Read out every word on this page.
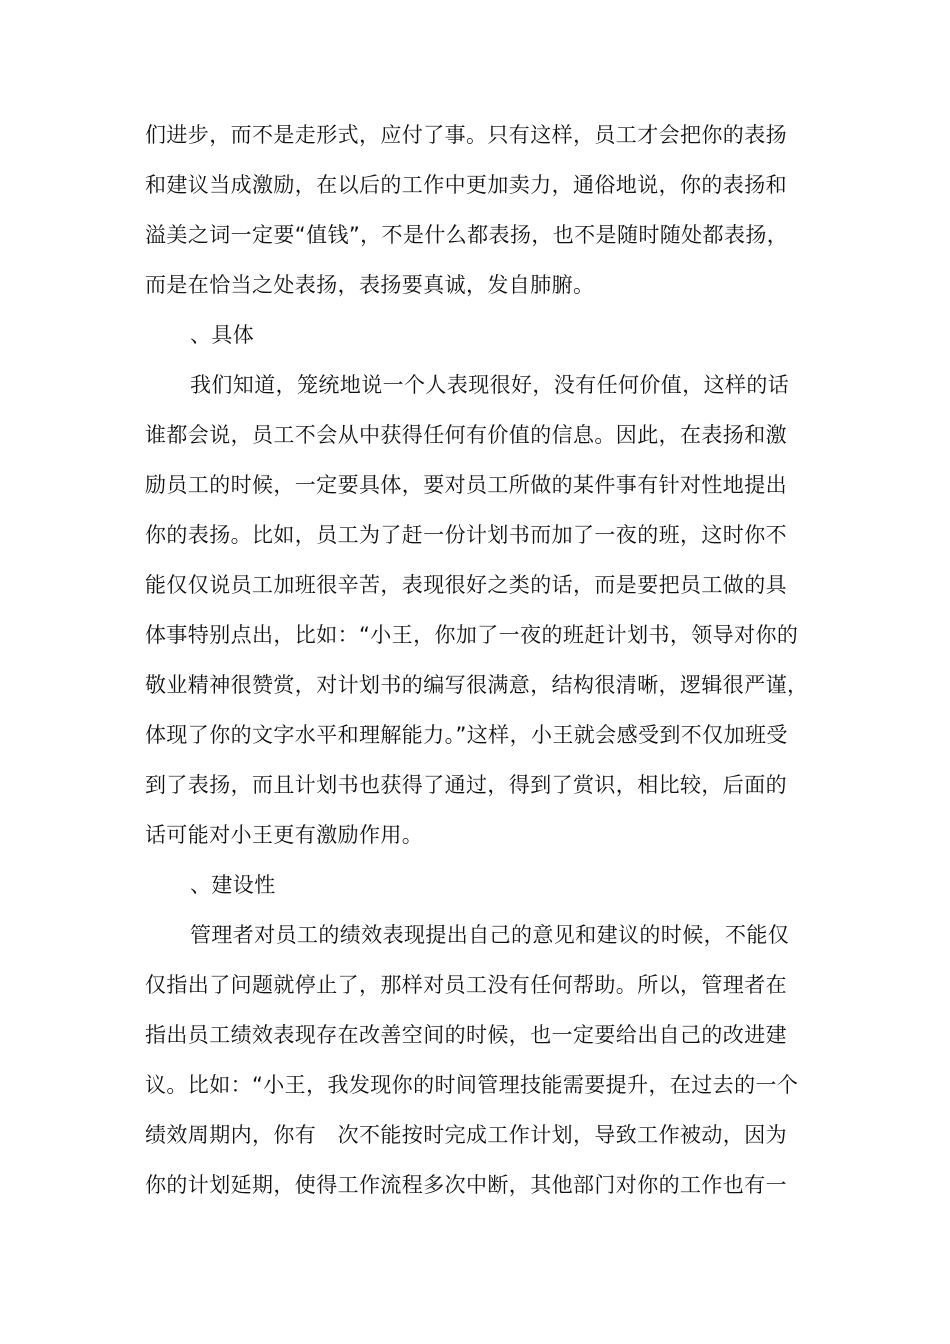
们进步，而不是走形式，应付了事。只有这样，员工才会把你的表扬
和建议当成激励，在以后的工作中更加卖力，通俗地说，你的表扬和
溢美之词一定要“值钱”，不是什么都表扬，也不是随时随处都表扬，
而是在恰当之处表扬，表扬要真诚，发自肺腑。
、具体
我们知道，笼统地说一个人表现很好，没有任何价值，这样的话
谁都会说，员工不会从中获得任何有价值的信息。因此，在表扬和激
励员工的时候，一定要具体，要对员工所做的某件事有针对性地提出
你的表扬。比如，员工为了赶一份计划书而加了一夜的班，这时你不
能仅仅说员工加班很辛苦，表现很好之类的话，而是要把员工做的具
体事特别点出，比如：“小王，你加了一夜的班赶计划书，领导对你的
敬业精神很赞赏，对计划书的编写很满意，结构很清晰，逻辑很严谨，
体现了你的文字水平和理解能力。”这样，小王就会感受到不仅加班受
到了表扬，而且计划书也获得了通过，得到了赏识，相比较，后面的
话可能对小王更有激励作用。
、建设性
管理者对员工的绩效表现提出自己的意见和建议的时候，不能仅
仅指出了问题就停止了，那样对员工没有任何帮助。所以，管理者在
指出员工绩效表现存在改善空间的时候，也一定要给出自己的改进建
议。比如：“小王，我发现你的时间管理技能需要提升，在过去的一个
绩效周期内，你有　次不能按时完成工作计划，导致工作被动，因为
你的计划延期，使得工作流程多次中断，其他部门对你的工作也有一
